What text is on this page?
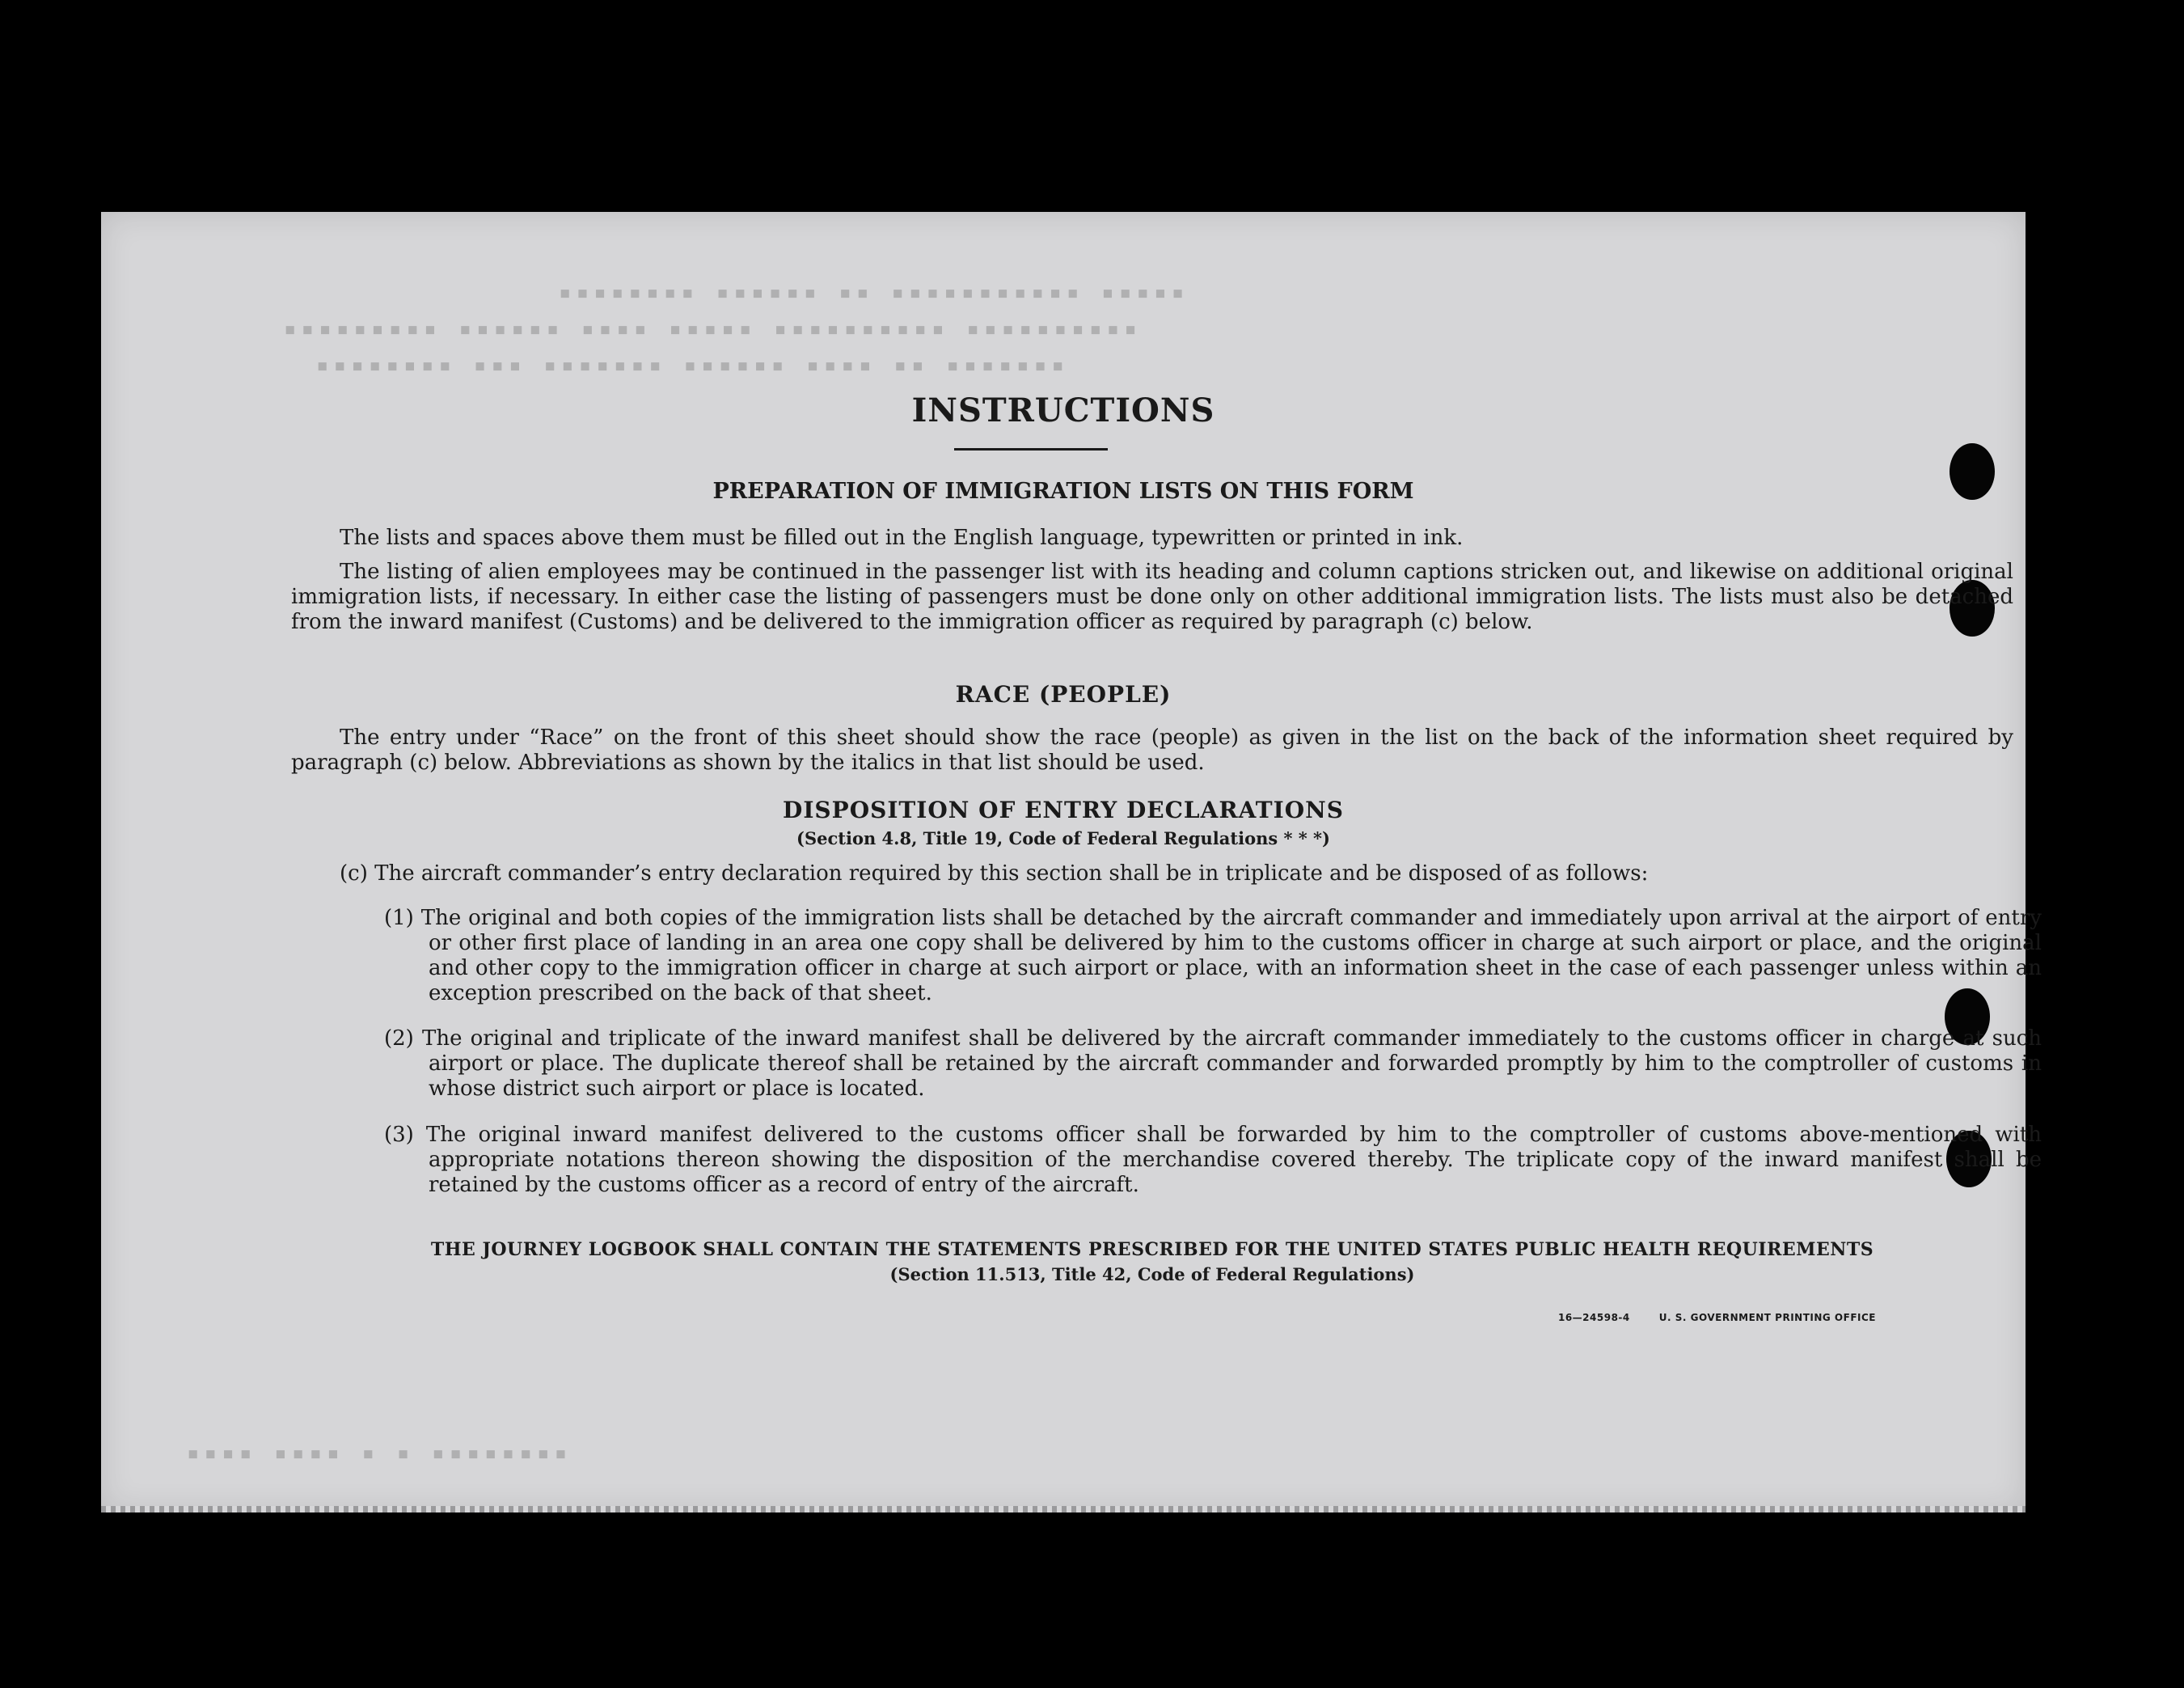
▪▪▪▪▪ ▪▪▪▪▪▪▪▪▪▪▪ ▪▪ ▪▪▪▪▪▪ ▪▪▪▪▪▪▪▪
▪▪▪▪▪▪▪▪▪▪ ▪▪▪▪▪▪▪▪▪▪ ▪▪▪▪▪ ▪▪▪▪ ▪▪▪▪▪▪ ▪▪▪▪▪▪▪▪▪
▪▪▪▪▪▪▪ ▪▪ ▪▪▪▪ ▪▪▪▪▪▪ ▪▪▪▪▪▪▪ ▪▪▪ ▪▪▪▪▪▪▪▪
▪▪▪▪▪▪▪▪ ▪ ▪ ▪▪▪▪ ▪▪▪▪
INSTRUCTIONS
PREPARATION OF IMMIGRATION LISTS ON THIS FORM

The lists and spaces above them must be filled out in the English language, typewritten or printed in ink.

The listing of alien employees may be continued in the passenger list with its heading and column captions stricken out, and likewise on additional original immigration lists, if necessary. In either case the listing of passengers must be done only on other additional immigration lists. The lists must also be detached from the inward manifest (Customs) and be delivered to the immigration officer as required by paragraph (c) below.

RACE (PEOPLE)

The entry under “Race” on the front of this sheet should show the race (people) as given in the list on the back of the information sheet required by paragraph (c) below. Abbreviations as shown by the italics in that list should be used.

DISPOSITION OF ENTRY DECLARATIONS

(Section 4.8, Title 19, Code of Federal Regulations * * *)

(c) The aircraft commander’s entry declaration required by this section shall be in triplicate and be disposed of as follows:

(1) The original and both copies of the immigration lists shall be detached by the aircraft commander and immediately upon arrival at the airport of entry or other first place of landing in an area one copy shall be delivered by him to the customs officer in charge at such airport or place, and the original and other copy to the immigration officer in charge at such airport or place, with an information sheet in the case of each passenger unless within an exception prescribed on the back of that sheet.

(2) The original and triplicate of the inward manifest shall be delivered by the aircraft commander immediately to the customs officer in charge at such airport or place. The duplicate thereof shall be retained by the aircraft commander and forwarded promptly by him to the comptroller of customs in whose district such airport or place is located.

(3) The original inward manifest delivered to the customs officer shall be forwarded by him to the comptroller of customs above-mentioned with appropriate notations thereon showing the disposition of the merchandise covered thereby. The triplicate copy of the inward manifest shall be retained by the customs officer as a record of entry of the aircraft.

THE JOURNEY LOGBOOK SHALL CONTAIN THE STATEMENTS PRESCRIBED FOR THE UNITED STATES PUBLIC HEALTH REQUIREMENTS

(Section 11.513, Title 42, Code of Federal Regulations)

16—24598-4	U. S. GOVERNMENT PRINTING OFFICE
